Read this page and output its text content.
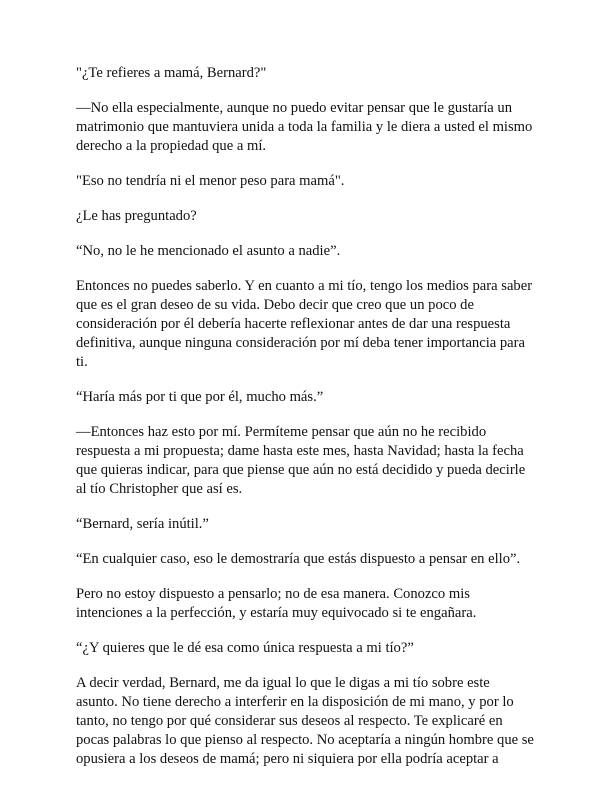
"¿Te refieres a mamá, Bernard?"

—No ella especialmente, aunque no puedo evitar pensar que le gustaría un matrimonio que mantuviera unida a toda la familia y le diera a usted el mismo derecho a la propiedad que a mí.

"Eso no tendría ni el menor peso para mamá".

¿Le has preguntado?

“No, no le he mencionado el asunto a nadie”.

Entonces no puedes saberlo. Y en cuanto a mi tío, tengo los medios para saber que es el gran deseo de su vida. Debo decir que creo que un poco de consideración por él debería hacerte reflexionar antes de dar una respuesta definitiva, aunque ninguna consideración por mí deba tener importancia para ti.

“Haría más por ti que por él, mucho más.”

—Entonces haz esto por mí. Permíteme pensar que aún no he recibido respuesta a mi propuesta; dame hasta este mes, hasta Navidad; hasta la fecha que quieras indicar, para que piense que aún no está decidido y pueda decirle al tío Christopher que así es.

“Bernard, sería inútil.”

“En cualquier caso, eso le demostraría que estás dispuesto a pensar en ello”.

Pero no estoy dispuesto a pensarlo; no de esa manera. Conozco mis intenciones a la perfección, y estaría muy equivocado si te engañara.

“¿Y quieres que le dé esa como única respuesta a mi tío?”

A decir verdad, Bernard, me da igual lo que le digas a mi tío sobre este asunto. No tiene derecho a interferir en la disposición de mi mano, y por lo tanto, no tengo por qué considerar sus deseos al respecto. Te explicaré en pocas palabras lo que pienso al respecto. No aceptaría a ningún hombre que se opusiera a los deseos de mamá; pero ni siquiera por ella podría aceptar a
